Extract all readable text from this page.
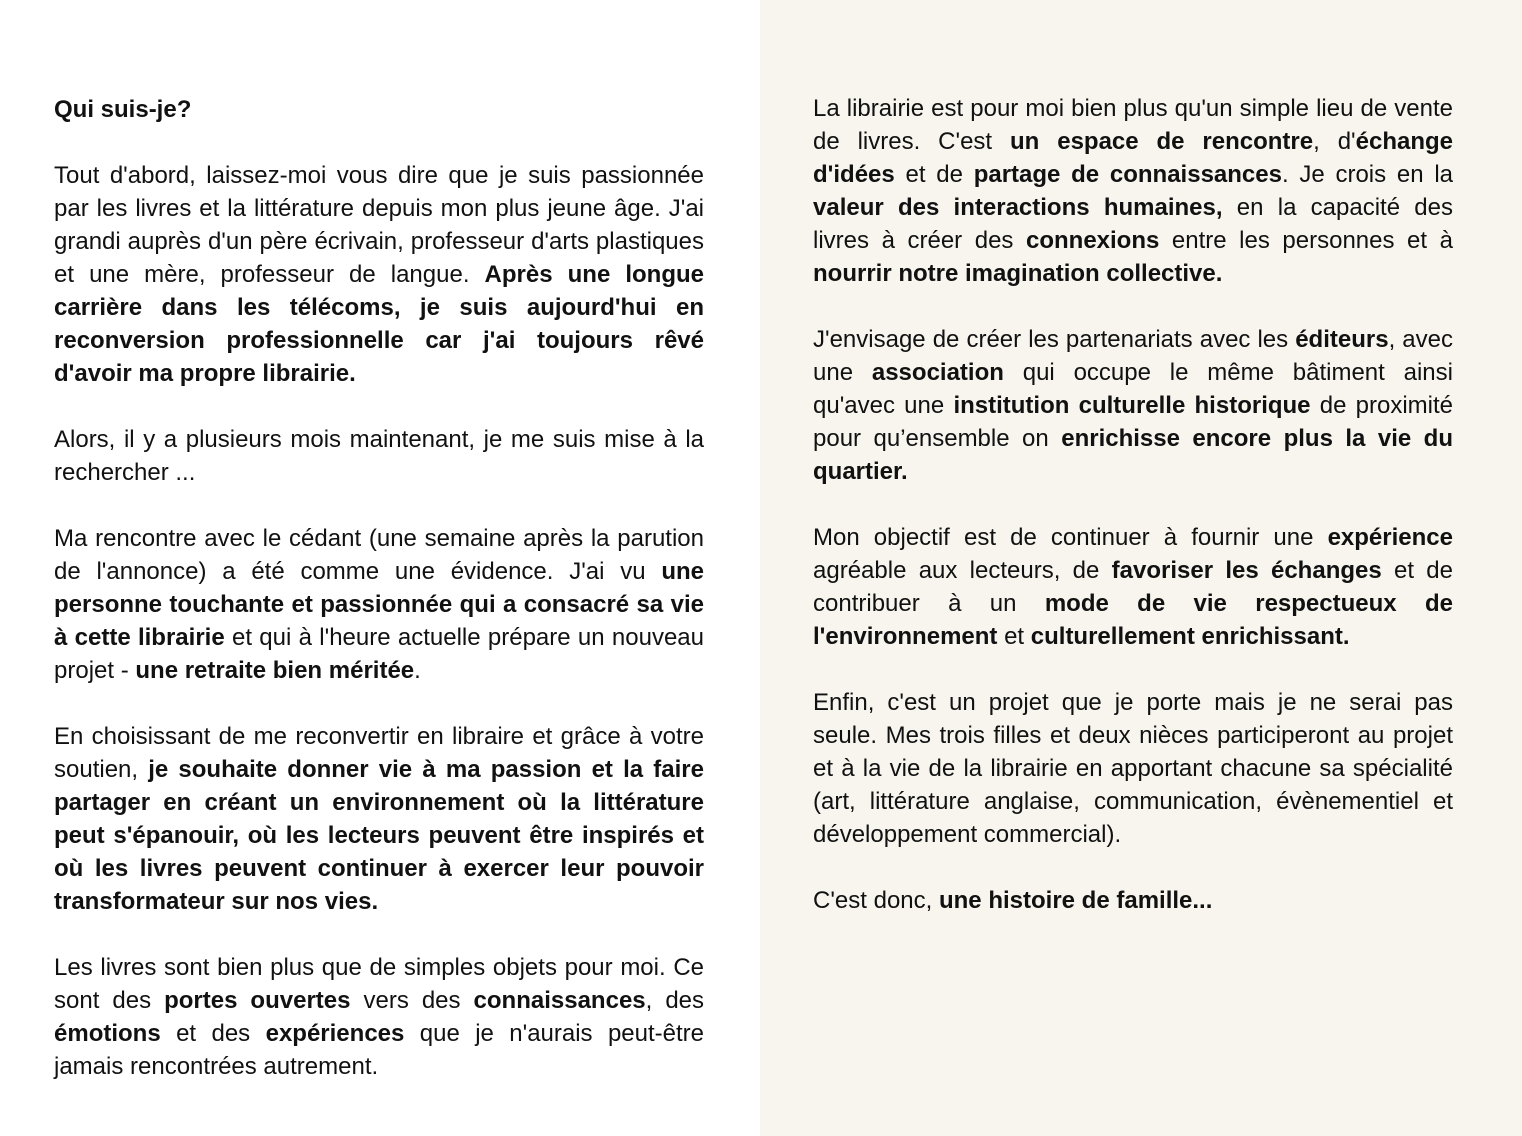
Qui suis-je?

Tout d'abord, laissez-moi vous dire que je suis passionnée par les livres et la littérature depuis mon plus jeune âge. J'ai grandi auprès d'un père écrivain, professeur d'arts plastiques et une mère, professeur de langue. Après une longue carrière dans les télécoms, je suis aujourd'hui en reconversion professionnelle car j'ai toujours rêvé d'avoir ma propre librairie.

Alors, il y a plusieurs mois maintenant, je me suis mise à la rechercher ...

Ma rencontre avec le cédant (une semaine après la parution de l'annonce) a été comme une évidence. J'ai vu une personne touchante et passionnée qui a consacré sa vie à cette librairie et qui à l'heure actuelle prépare un nouveau projet - une retraite bien méritée.

En choisissant de me reconvertir en libraire et grâce à votre soutien, je souhaite donner vie à ma passion et la faire partager en créant un environnement où la littérature peut s'épanouir, où les lecteurs peuvent être inspirés et où les livres peuvent continuer à exercer leur pouvoir transformateur sur nos vies.

Les livres sont bien plus que de simples objets pour moi. Ce sont des portes ouvertes vers des connaissances, des émotions et des expériences que je n'aurais peut-être jamais rencontrées autrement.

La librairie est pour moi bien plus qu'un simple lieu de vente de livres. C'est un espace de rencontre, d'échange d'idées et de partage de connaissances. Je crois en la valeur des interactions humaines, en la capacité des livres à créer des connexions entre les personnes et à nourrir notre imagination collective.

J'envisage de créer les partenariats avec les éditeurs, avec une association qui occupe le même bâtiment ainsi qu'avec une institution culturelle historique de proximité pour qu’ensemble on enrichisse encore plus la vie du quartier.

Mon objectif est de continuer à fournir une expérience agréable aux lecteurs, de favoriser les échanges et de contribuer à un mode de vie respectueux de l'environnement et culturellement enrichissant.

Enfin, c'est un projet que je porte mais je ne serai pas seule. Mes trois filles et deux nièces participeront au projet et à la vie de la librairie en apportant chacune sa spécialité (art, littérature anglaise, communication, évènementiel et développement commercial).

C'est donc, une histoire de famille...
